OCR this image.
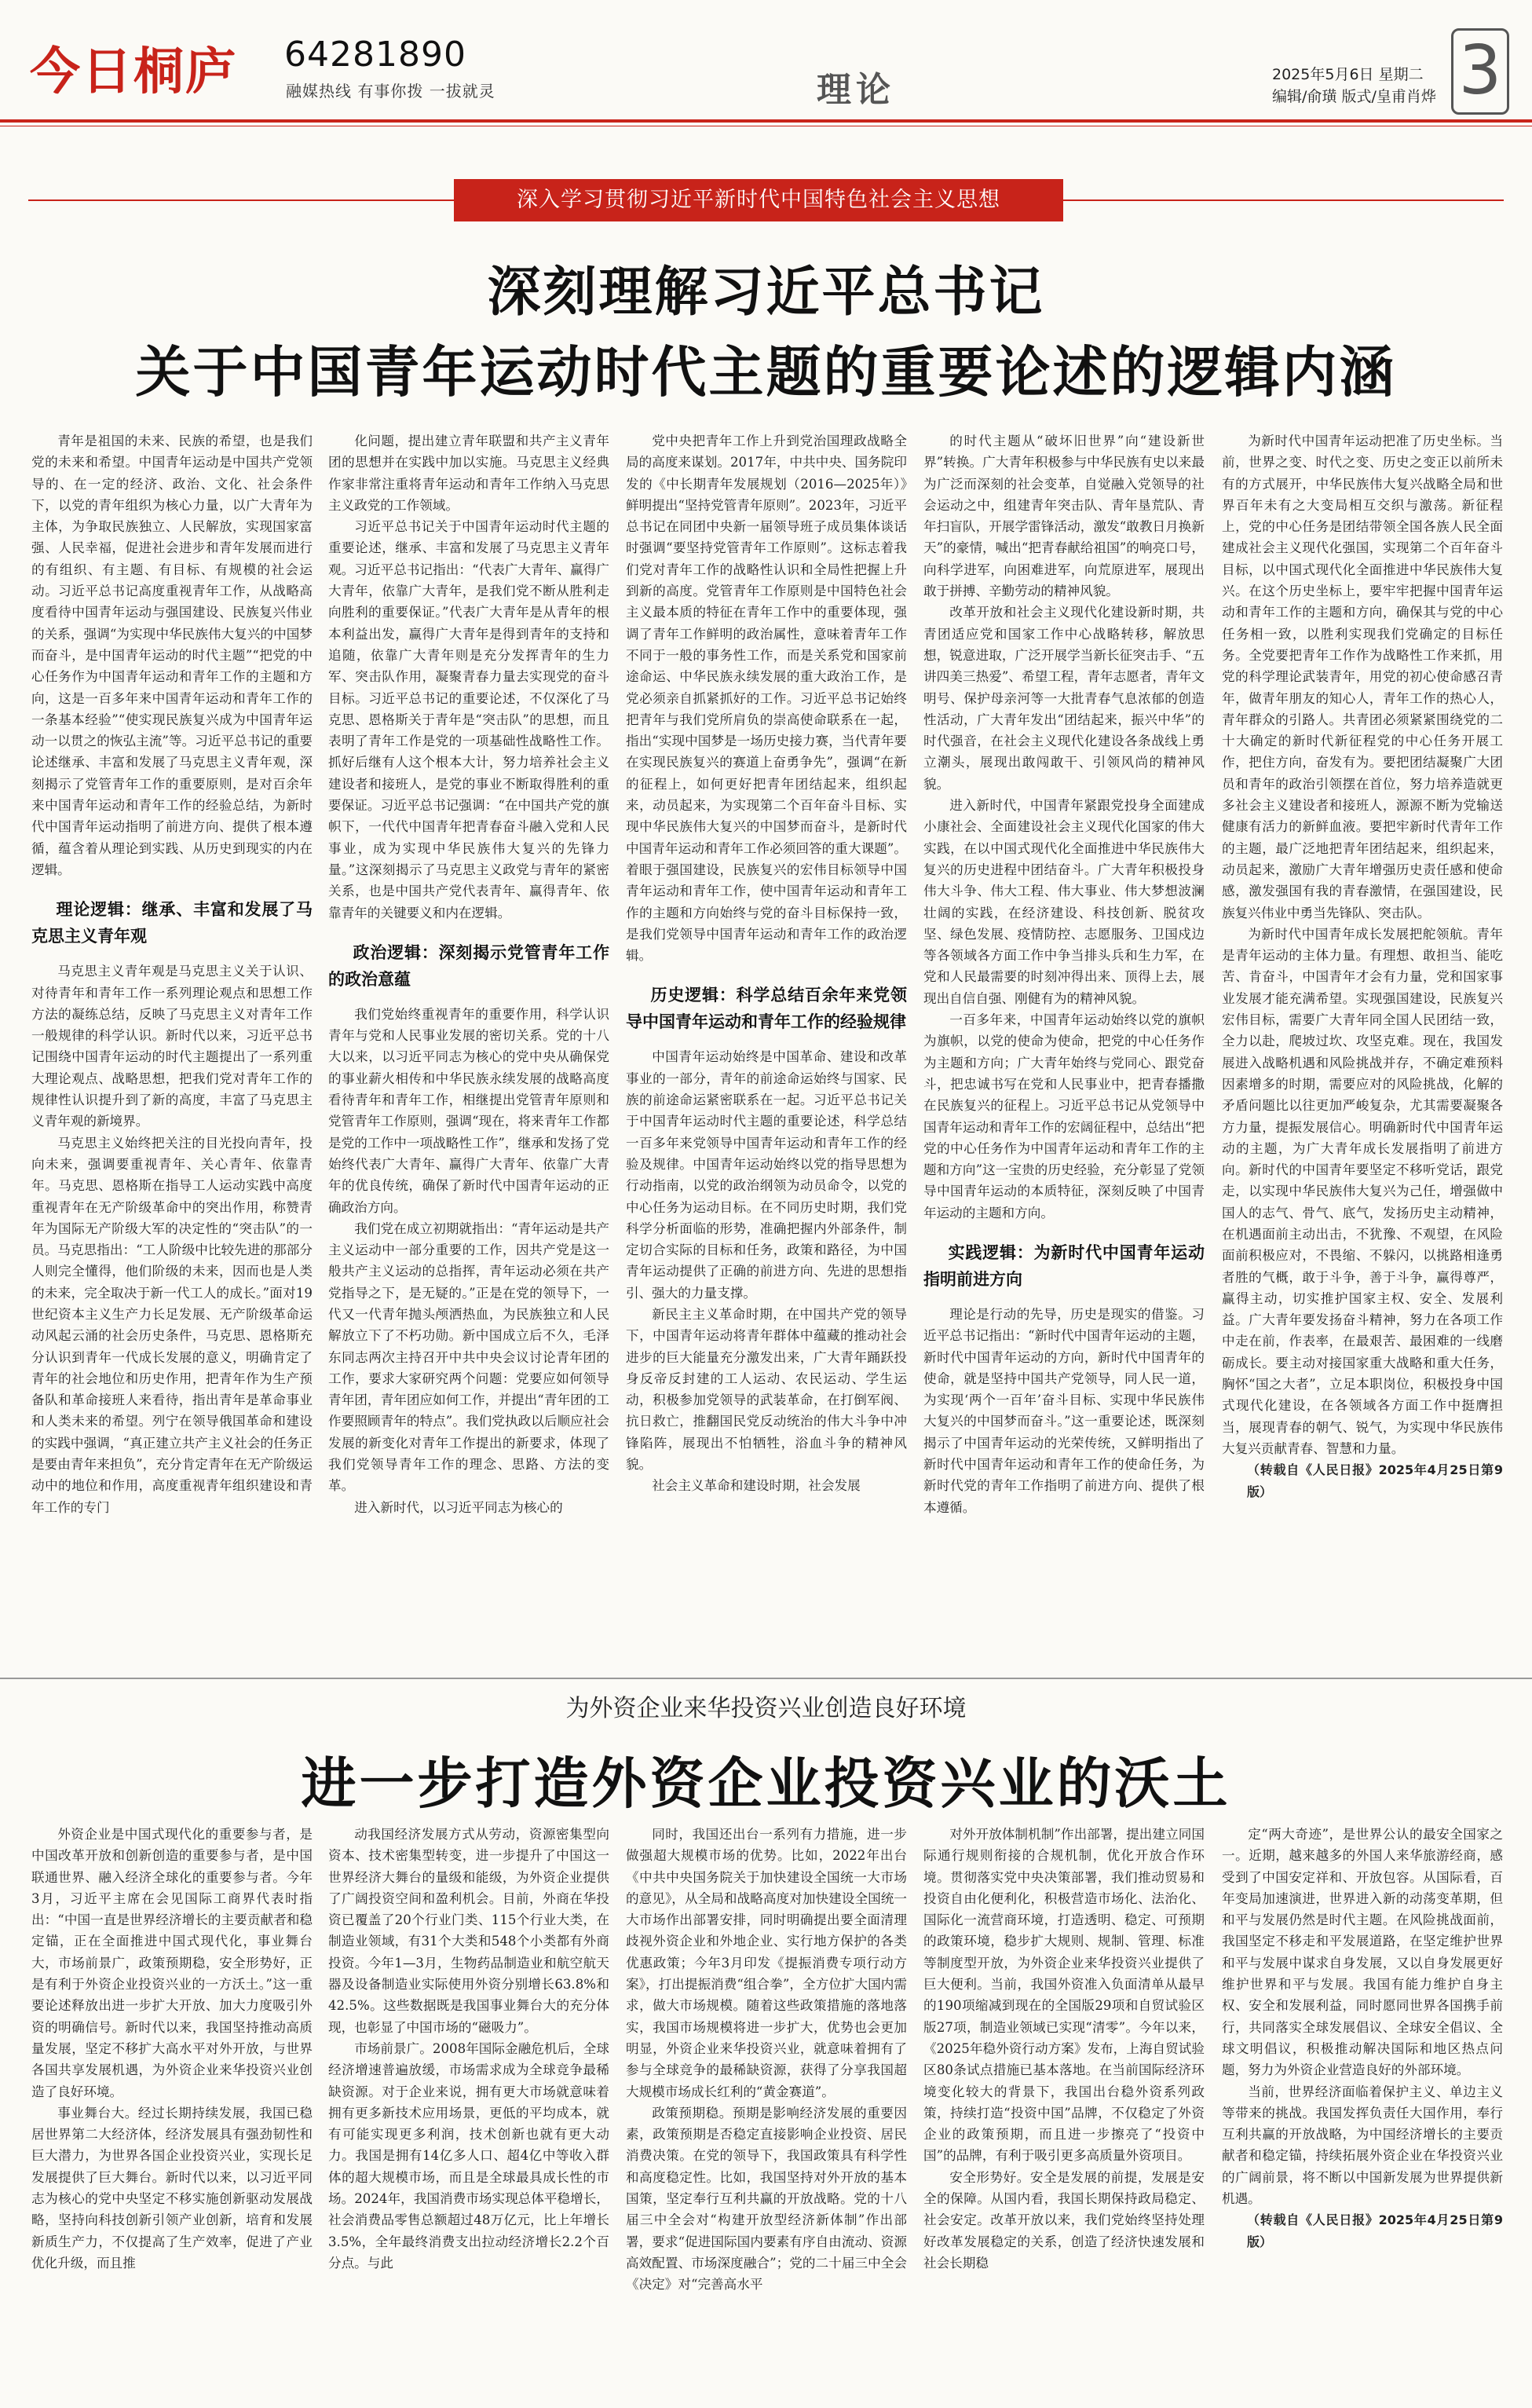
今日桐庐 64281890
融媒热线 有事你拨 一拔就灵	理论	2025年5月6日 星期二
编辑/俞璜 版式/皇甫肖烨 3
深入学习贯彻习近平新时代中国特色社会主义思想
深刻理解习近平总书记
关于中国青年运动时代主题的重要论述的逻辑内涵

青年是祖国的未来、民族的希望，也是我们党的未来和希望。中国青年运动是中国共产党领导的、在一定的经济、政治、文化、社会条件下，以党的青年组织为核心力量，以广大青年为主体，为争取民族独立、人民解放，实现国家富强、人民幸福，促进社会进步和青年发展而进行的有组织、有主题、有目标、有规模的社会运动。习近平总书记高度重视青年工作，从战略高度看待中国青年运动与强国建设、民族复兴伟业的关系，强调“为实现中华民族伟大复兴的中国梦而奋斗，是中国青年运动的时代主题”“把党的中心任务作为中国青年运动和青年工作的主题和方向，这是一百多年来中国青年运动和青年工作的一条基本经验”“使实现民族复兴成为中国青年运动一以贯之的恢弘主流”等。习近平总书记的重要论述继承、丰富和发展了马克思主义青年观，深刻揭示了党管青年工作的重要原则，是对百余年来中国青年运动和青年工作的经验总结，为新时代中国青年运动指明了前进方向、提供了根本遵循，蕴含着从理论到实践、从历史到现实的内在逻辑。

理论逻辑：继承、丰富和发展了马克思主义青年观

马克思主义青年观是马克思主义关于认识、对待青年和青年工作一系列理论观点和思想工作方法的凝练总结，反映了马克思主义对青年工作一般规律的科学认识。新时代以来，习近平总书记围绕中国青年运动的时代主题提出了一系列重大理论观点、战略思想，把我们党对青年工作的规律性认识提升到了新的高度，丰富了马克思主义青年观的新境界。

马克思主义始终把关注的目光投向青年，投向未来，强调要重视青年、关心青年、依靠青年。马克思、恩格斯在指导工人运动实践中高度重视青年在无产阶级革命中的突出作用，称赞青年为国际无产阶级大军的决定性的“突击队”的一员。马克思指出：“工人阶级中比较先进的那部分人则完全懂得，他们阶级的未来，因而也是人类的未来，完全取决于新一代工人的成长。”面对19世纪资本主义生产力长足发展、无产阶级革命运动风起云涌的社会历史条件，马克思、恩格斯充分认识到青年一代成长发展的意义，明确肯定了青年的社会地位和历史作用，把青年作为生产预备队和革命接班人来看待，指出青年是革命事业和人类未来的希望。列宁在领导俄国革命和建设的实践中强调，“真正建立共产主义社会的任务正是要由青年来担负”，充分肯定青年在无产阶级运动中的地位和作用，高度重视青年组织建设和青年工作的专门

化问题，提出建立青年联盟和共产主义青年团的思想并在实践中加以实施。马克思主义经典作家非常注重将青年运动和青年工作纳入马克思主义政党的工作领域。

习近平总书记关于中国青年运动时代主题的重要论述，继承、丰富和发展了马克思主义青年观。习近平总书记指出：“代表广大青年、赢得广大青年，依靠广大青年，是我们党不断从胜利走向胜利的重要保证。”代表广大青年是从青年的根本利益出发，赢得广大青年是得到青年的支持和追随，依靠广大青年则是充分发挥青年的生力军、突击队作用，凝聚青春力量去实现党的奋斗目标。习近平总书记的重要论述，不仅深化了马克思、恩格斯关于青年是“突击队”的思想，而且表明了青年工作是党的一项基础性战略性工作。抓好后继有人这个根本大计，努力培养社会主义建设者和接班人，是党的事业不断取得胜利的重要保证。习近平总书记强调：“在中国共产党的旗帜下，一代代中国青年把青春奋斗融入党和人民事业，成为实现中华民族伟大复兴的先锋力量。”这深刻揭示了马克思主义政党与青年的紧密关系，也是中国共产党代表青年、赢得青年、依靠青年的关键要义和内在逻辑。

政治逻辑：深刻揭示党管青年工作的政治意蕴

我们党始终重视青年的重要作用，科学认识青年与党和人民事业发展的密切关系。党的十八大以来，以习近平同志为核心的党中央从确保党的事业薪火相传和中华民族永续发展的战略高度看待青年和青年工作，相继提出党管青年原则和党管青年工作原则，强调“现在，将来青年工作都是党的工作中一项战略性工作”，继承和发扬了党始终代表广大青年、赢得广大青年、依靠广大青年的优良传统，确保了新时代中国青年运动的正确政治方向。

我们党在成立初期就指出：“青年运动是共产主义运动中一部分重要的工作，因共产党是这一般共产主义运动的总指挥，青年运动必须在共产党指导之下，是无疑的。”正是在党的领导下，一代又一代青年抛头颅洒热血，为民族独立和人民解放立下了不朽功勋。新中国成立后不久，毛泽东同志两次主持召开中共中央会议讨论青年团的工作，要求大家研究两个问题：党要应如何领导青年团，青年团应如何工作，并提出“青年团的工作要照顾青年的特点”。我们党执政以后顺应社会发展的新变化对青年工作提出的新要求，体现了我们党领导青年工作的理念、思路、方法的变革。

进入新时代，以习近平同志为核心的

党中央把青年工作上升到党治国理政战略全局的高度来谋划。2017年，中共中央、国务院印发的《中长期青年发展规划（2016—2025年）》鲜明提出“坚持党管青年原则”。2023年，习近平总书记在同团中央新一届领导班子成员集体谈话时强调“要坚持党管青年工作原则”。这标志着我们党对青年工作的战略性认识和全局性把握上升到新的高度。党管青年工作原则是中国特色社会主义最本质的特征在青年工作中的重要体现，强调了青年工作鲜明的政治属性，意味着青年工作不同于一般的事务性工作，而是关系党和国家前途命运、中华民族永续发展的重大政治工作，是党必须亲自抓紧抓好的工作。习近平总书记始终把青年与我们党所肩负的崇高使命联系在一起，指出“实现中国梦是一场历史接力赛，当代青年要在实现民族复兴的赛道上奋勇争先”，强调“在新的征程上，如何更好把青年团结起来，组织起来，动员起来，为实现第二个百年奋斗目标、实现中华民族伟大复兴的中国梦而奋斗，是新时代中国青年运动和青年工作必须回答的重大课题”。着眼于强国建设，民族复兴的宏伟目标领导中国青年运动和青年工作，使中国青年运动和青年工作的主题和方向始终与党的奋斗目标保持一致，是我们党领导中国青年运动和青年工作的政治逻辑。

历史逻辑：科学总结百余年来党领导中国青年运动和青年工作的经验规律

中国青年运动始终是中国革命、建设和改革事业的一部分，青年的前途命运始终与国家、民族的前途命运紧密联系在一起。习近平总书记关于中国青年运动时代主题的重要论述，科学总结一百多年来党领导中国青年运动和青年工作的经验及规律。中国青年运动始终以党的指导思想为行动指南，以党的政治纲领为动员命令，以党的中心任务为运动目标。在不同历史时期，我们党科学分析面临的形势，准确把握内外部条件，制定切合实际的目标和任务，政策和路径，为中国青年运动提供了正确的前进方向、先进的思想指引、强大的力量支撑。

新民主主义革命时期，在中国共产党的领导下，中国青年运动将青年群体中蕴藏的推动社会进步的巨大能量充分激发出来，广大青年踊跃投身反帝反封建的工人运动、农民运动、学生运动，积极参加党领导的武装革命，在打倒军阀、抗日救亡，推翻国民党反动统治的伟大斗争中冲锋陷阵，展现出不怕牺牲，浴血斗争的精神风貌。

社会主义革命和建设时期，社会发展

的时代主题从“破坏旧世界”向“建设新世界”转换。广大青年积极参与中华民族有史以来最为广泛而深刻的社会变革，自觉融入党领导的社会运动之中，组建青年突击队、青年垦荒队、青年扫盲队，开展学雷锋活动，激发“敢教日月换新天”的豪情，喊出“把青春献给祖国”的响亮口号，向科学进军，向困难进军，向荒原进军，展现出敢于拼搏、辛勤劳动的精神风貌。

改革开放和社会主义现代化建设新时期，共青团适应党和国家工作中心战略转移，解放思想，锐意进取，广泛开展学当新长征突击手、“五讲四美三热爱”、希望工程，青年志愿者，青年文明号、保护母亲河等一大批青春气息浓郁的创造性活动，广大青年发出“团结起来，振兴中华”的时代强音，在社会主义现代化建设各条战线上勇立潮头，展现出敢闯敢干、引领风尚的精神风貌。

进入新时代，中国青年紧跟党投身全面建成小康社会、全面建设社会主义现代化国家的伟大实践，在以中国式现代化全面推进中华民族伟大复兴的历史进程中团结奋斗。广大青年积极投身伟大斗争、伟大工程、伟大事业、伟大梦想波澜壮阔的实践，在经济建设、科技创新、脱贫攻坚、绿色发展、疫情防控、志愿服务、卫国戍边等各领域各方面工作中争当排头兵和生力军，在党和人民最需要的时刻冲得出来、顶得上去，展现出自信自强、刚健有为的精神风貌。

一百多年来，中国青年运动始终以党的旗帜为旗帜，以党的使命为使命，把党的中心任务作为主题和方向；广大青年始终与党同心、跟党奋斗，把忠诚书写在党和人民事业中，把青春播撒在民族复兴的征程上。习近平总书记从党领导中国青年运动和青年工作的宏阔征程中，总结出“把党的中心任务作为中国青年运动和青年工作的主题和方向”这一宝贵的历史经验，充分彰显了党领导中国青年运动的本质特征，深刻反映了中国青年运动的主题和方向。

实践逻辑：为新时代中国青年运动指明前进方向

理论是行动的先导，历史是现实的借鉴。习近平总书记指出：“新时代中国青年运动的主题，新时代中国青年运动的方向，新时代中国青年的使命，就是坚持中国共产党领导，同人民一道，为实现‘两个一百年’奋斗目标、实现中华民族伟大复兴的中国梦而奋斗。”这一重要论述，既深刻揭示了中国青年运动的光荣传统，又鲜明指出了新时代中国青年运动和青年工作的使命任务，为新时代党的青年工作指明了前进方向、提供了根本遵循。

为新时代中国青年运动把准了历史坐标。当前，世界之变、时代之变、历史之变正以前所未有的方式展开，中华民族伟大复兴战略全局和世界百年未有之大变局相互交织与激荡。新征程上，党的中心任务是团结带领全国各族人民全面建成社会主义现代化强国，实现第二个百年奋斗目标，以中国式现代化全面推进中华民族伟大复兴。在这个历史坐标上，要牢牢把握中国青年运动和青年工作的主题和方向，确保其与党的中心任务相一致，以胜利实现我们党确定的目标任务。全党要把青年工作作为战略性工作来抓，用党的科学理论武装青年，用党的初心使命感召青年，做青年朋友的知心人，青年工作的热心人，青年群众的引路人。共青团必须紧紧围绕党的二十大确定的新时代新征程党的中心任务开展工作，把住方向，奋发有为。要把团结凝聚广大团员和青年的政治引领摆在首位，努力培养造就更多社会主义建设者和接班人，源源不断为党输送健康有活力的新鲜血液。要把牢新时代青年工作的主题，最广泛地把青年团结起来，组织起来，动员起来，激励广大青年增强历史责任感和使命感，激发强国有我的青春激情，在强国建设，民族复兴伟业中勇当先锋队、突击队。

为新时代中国青年成长发展把舵领航。青年是青年运动的主体力量。有理想、敢担当、能吃苦、肯奋斗，中国青年才会有力量，党和国家事业发展才能充满希望。实现强国建设，民族复兴宏伟目标，需要广大青年同全国人民团结一致，全力以赴，爬坡过坎、攻坚克难。现在，我国发展进入战略机遇和风险挑战并存，不确定难预料因素增多的时期，需要应对的风险挑战，化解的矛盾问题比以往更加严峻复杂，尤其需要凝聚各方力量，提振发展信心。明确新时代中国青年运动的主题，为广大青年成长发展指明了前进方向。新时代的中国青年要坚定不移听党话，跟党走，以实现中华民族伟大复兴为己任，增强做中国人的志气、骨气、底气，发扬历史主动精神，在机遇面前主动出击，不犹豫、不观望，在风险面前积极应对，不畏缩、不躲闪，以挑路相逢勇者胜的气概，敢于斗争，善于斗争，赢得尊严，赢得主动，切实推护国家主权、安全、发展利益。广大青年要发扬奋斗精神，努力在各项工作中走在前，作表率，在最艰苦、最困难的一线磨砺成长。要主动对接国家重大战略和重大任务，胸怀“国之大者”，立足本职岗位，积极投身中国式现代化建设，在各领域各方面工作中挺膺担当，展现青春的朝气、锐气，为实现中华民族伟大复兴贡献青春、智慧和力量。

（转载自《人民日报》2025年4月25日第9版）

为外资企业来华投资兴业创造良好环境
进一步打造外资企业投资兴业的沃土

外资企业是中国式现代化的重要参与者，是中国改革开放和创新创造的重要参与者，是中国联通世界、融入经济全球化的重要参与者。今年3月，习近平主席在会见国际工商界代表时指出：“中国一直是世界经济增长的主要贡献者和稳定锚，正在全面推进中国式现代化，事业舞台大，市场前景广，政策预期稳，安全形势好，正是有利于外资企业投资兴业的一方沃土。”这一重要论述释放出进一步扩大开放、加大力度吸引外资的明确信号。新时代以来，我国坚持推动高质量发展，坚定不移扩大高水平对外开放，与世界各国共享发展机遇，为外资企业来华投资兴业创造了良好环境。

事业舞台大。经过长期持续发展，我国已稳居世界第二大经济体，经济发展具有强劲韧性和巨大潜力，为世界各国企业投资兴业，实现长足发展提供了巨大舞台。新时代以来，以习近平同志为核心的党中央坚定不移实施创新驱动发展战略，坚持向科技创新引领产业创新，培育和发展新质生产力，不仅提高了生产效率，促进了产业优化升级，而且推

动我国经济发展方式从劳动，资源密集型向资本、技术密集型转变，进一步提升了中国这一世界经济大舞台的量级和能级，为外资企业提供了广阔投资空间和盈利机会。目前，外商在华投资已覆盖了20个行业门类、115个行业大类，在制造业领域，有31个大类和548个小类都有外商投资。今年1—3月，生物药品制造业和航空航天器及设备制造业实际使用外资分别增长63.8%和42.5%。这些数据既是我国事业舞台大的充分体现，也彰显了中国市场的“磁吸力”。

市场前景广。2008年国际金融危机后，全球经济增速普遍放缓，市场需求成为全球竞争最稀缺资源。对于企业来说，拥有更大市场就意味着拥有更多新技术应用场景，更低的平均成本，就有可能实现更多利润，技术创新也就有更大动力。我国是拥有14亿多人口、超4亿中等收入群体的超大规模市场，而且是全球最具成长性的市场。2024年，我国消费市场实现总体平稳增长，社会消费品零售总额超过48万亿元，比上年增长3.5%，全年最终消费支出拉动经济增长2.2个百分点。与此

同时，我国还出台一系列有力措施，进一步做强超大规模市场的优势。比如，2022年出台《中共中央国务院关于加快建设全国统一大市场的意见》，从全局和战略高度对加快建设全国统一大市场作出部署安排，同时明确提出要全面清理歧视外资企业和外地企业、实行地方保护的各类优惠政策；今年3月印发《提振消费专项行动方案》，打出提振消费“组合拳”，全方位扩大国内需求，做大市场规模。随着这些政策措施的落地落实，我国市场规模将进一步扩大，优势也会更加明显，外资企业来华投资兴业，就意味着拥有了参与全球竞争的最稀缺资源，获得了分享我国超大规模市场成长红利的“黄金赛道”。

政策预期稳。预期是影响经济发展的重要因素，政策预期是否稳定直接影响企业投资、居民消费决策。在党的领导下，我国政策具有科学性和高度稳定性。比如，我国坚持对外开放的基本国策，坚定奉行互利共赢的开放战略。党的十八届三中全会对“构建开放型经济新体制”作出部署，要求“促进国际国内要素有序自由流动、资源高效配置、市场深度融合”；党的二十届三中全会《决定》对“完善高水平

对外开放体制机制”作出部署，提出建立同国际通行规则衔接的合规机制，优化开放合作环境。贯彻落实党中央决策部署，我们推动贸易和投资自由化便利化，积极营造市场化、法治化、国际化一流营商环境，打造透明、稳定、可预期的政策环境，稳步扩大规则、规制、管理、标准等制度型开放，为外资企业来华投资兴业提供了巨大便利。当前，我国外资准入负面清单从最早的190项缩减到现在的全国版29项和自贸试验区版27项，制造业领域已实现“清零”。今年以来，《2025年稳外资行动方案》发布，上海自贸试验区80条试点措施已基本落地。在当前国际经济环境变化较大的背景下，我国出台稳外资系列政策，持续打造“投资中国”品牌，不仅稳定了外资企业的政策预期，而且进一步擦亮了“投资中国”的品牌，有利于吸引更多高质量外资项目。

安全形势好。安全是发展的前提，发展是安全的保障。从国内看，我国长期保持政局稳定、社会安定。改革开放以来，我们党始终坚持处理好改革发展稳定的关系，创造了经济快速发展和社会长期稳

定“两大奇迹”，是世界公认的最安全国家之一。近期，越来越多的外国人来华旅游经商，感受到了中国安定祥和、开放包容。从国际看，百年变局加速演进，世界进入新的动荡变革期，但和平与发展仍然是时代主题。在风险挑战面前，我国坚定不移走和平发展道路，在坚定维护世界和平与发展中谋求自身发展，又以自身发展更好维护世界和平与发展。我国有能力维护自身主权、安全和发展利益，同时愿同世界各国携手前行，共同落实全球发展倡议、全球安全倡议、全球文明倡议，积极推动解决国际和地区热点问题，努力为外资企业营造良好的外部环境。

当前，世界经济面临着保护主义、单边主义等带来的挑战。我国发挥负责任大国作用，奉行互利共赢的开放战略，为中国经济增长的主要贡献者和稳定锚，持续拓展外资企业在华投资兴业的广阔前景，将不断以中国新发展为世界提供新机遇。

（转载自《人民日报》2025年4月25日第9版）
